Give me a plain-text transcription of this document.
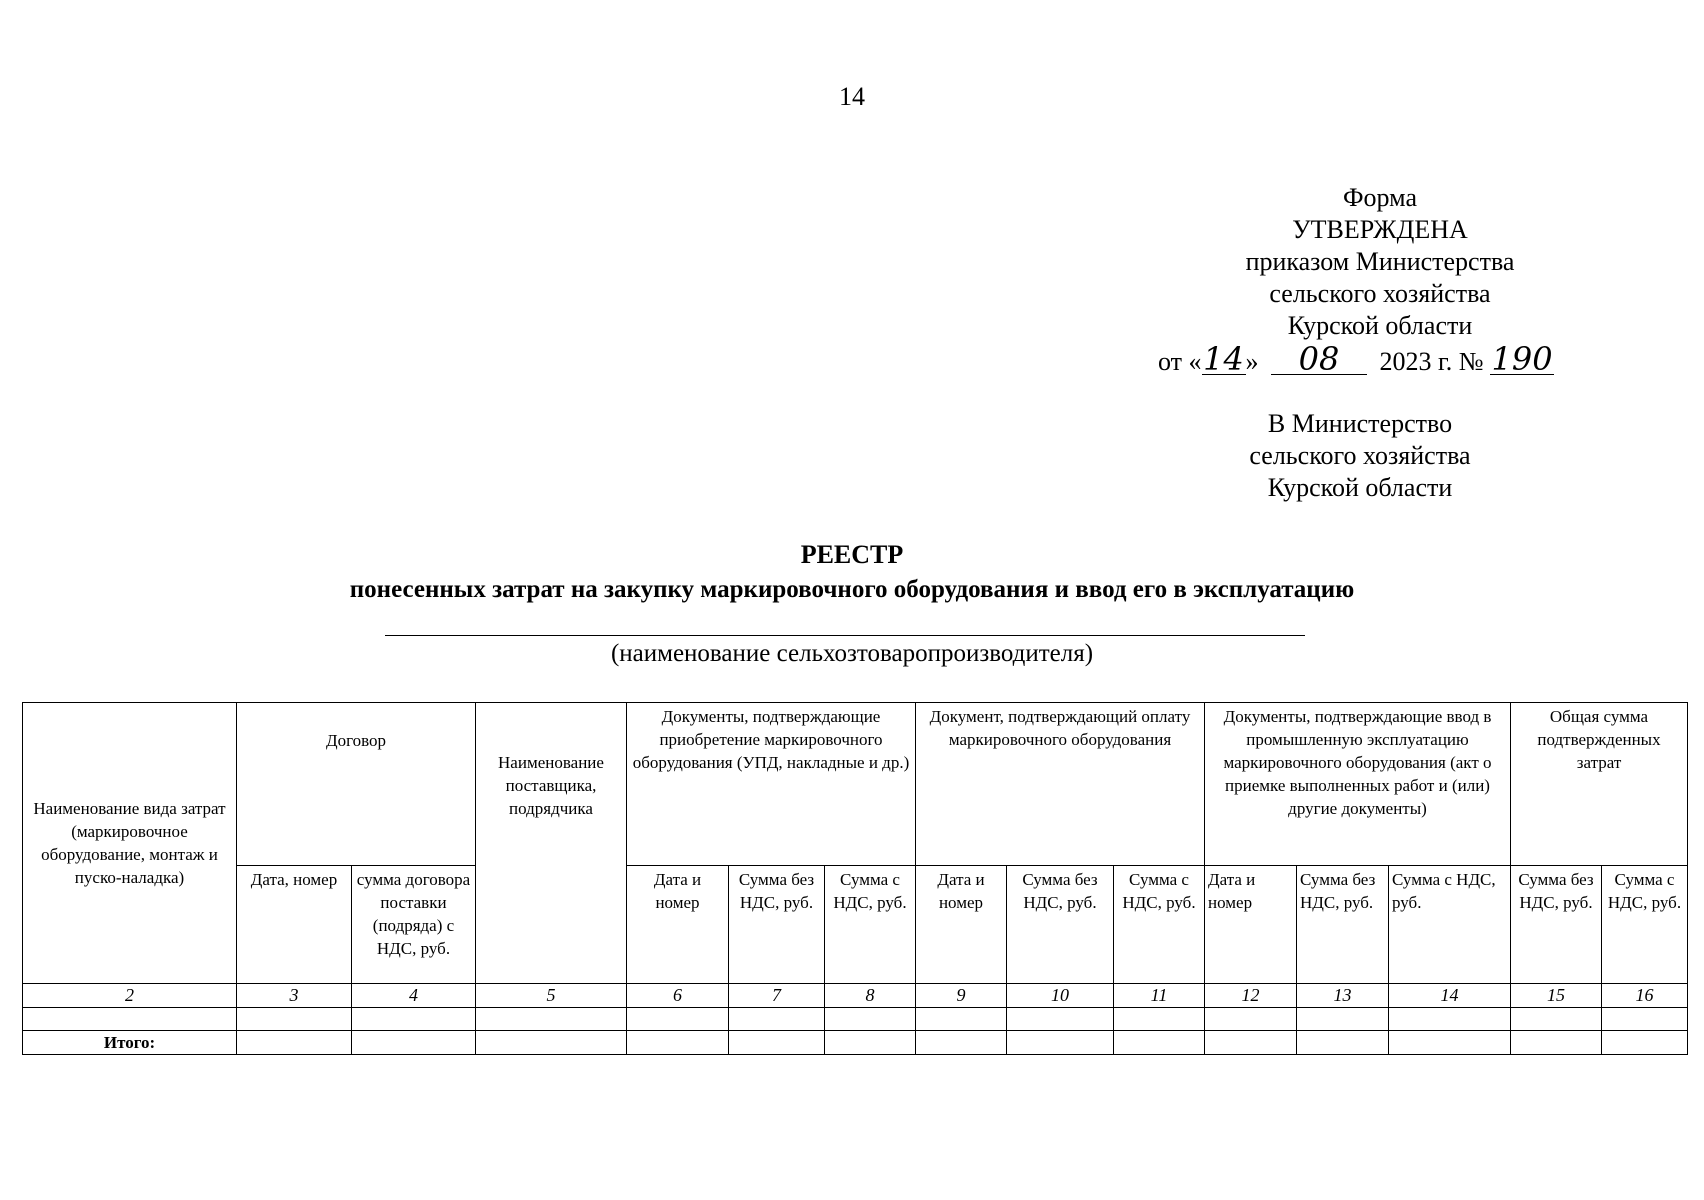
14
Форма
УТВЕРЖДЕНА
приказом Министерства
сельского хозяйства
Курской области
от «14» 08 2023 г. № 190
В Министерство
сельского хозяйства
Курской области
РЕЕСТР
понесенных затрат на закупку маркировочного оборудования и ввод его в эксплуатацию
(наименование сельхозтоваропроизводителя)
Наименование вида затрат (маркировочное оборудование, монтаж и пуско-наладка)	Договор		Наименование поставщика, подрядчика	Документы, подтверждающие приобретение маркировочного оборудования (УПД, накладные и др.)			Документ, подтверждающий оплату маркировочного оборудования			Документы, подтверждающие ввод в промышленную эксплуатацию маркировочного оборудования (акт о приемке выполненных работ и (или) другие документы)			Общая сумма подтвержденных затрат	
	Дата, номер	сумма договора поставки (подряда) с НДС, руб.		Дата и номер	Сумма без НДС, руб.	Сумма с НДС, руб.	Дата и номер	Сумма без НДС, руб.	Сумма с НДС, руб.	Дата и номер	Сумма без НДС, руб.	Сумма с НДС, руб.	Сумма без НДС, руб.	Сумма с НДС, руб.
2	3	4	5	6	7	8	9	10	11	12	13	14	15	16

Итого:														
